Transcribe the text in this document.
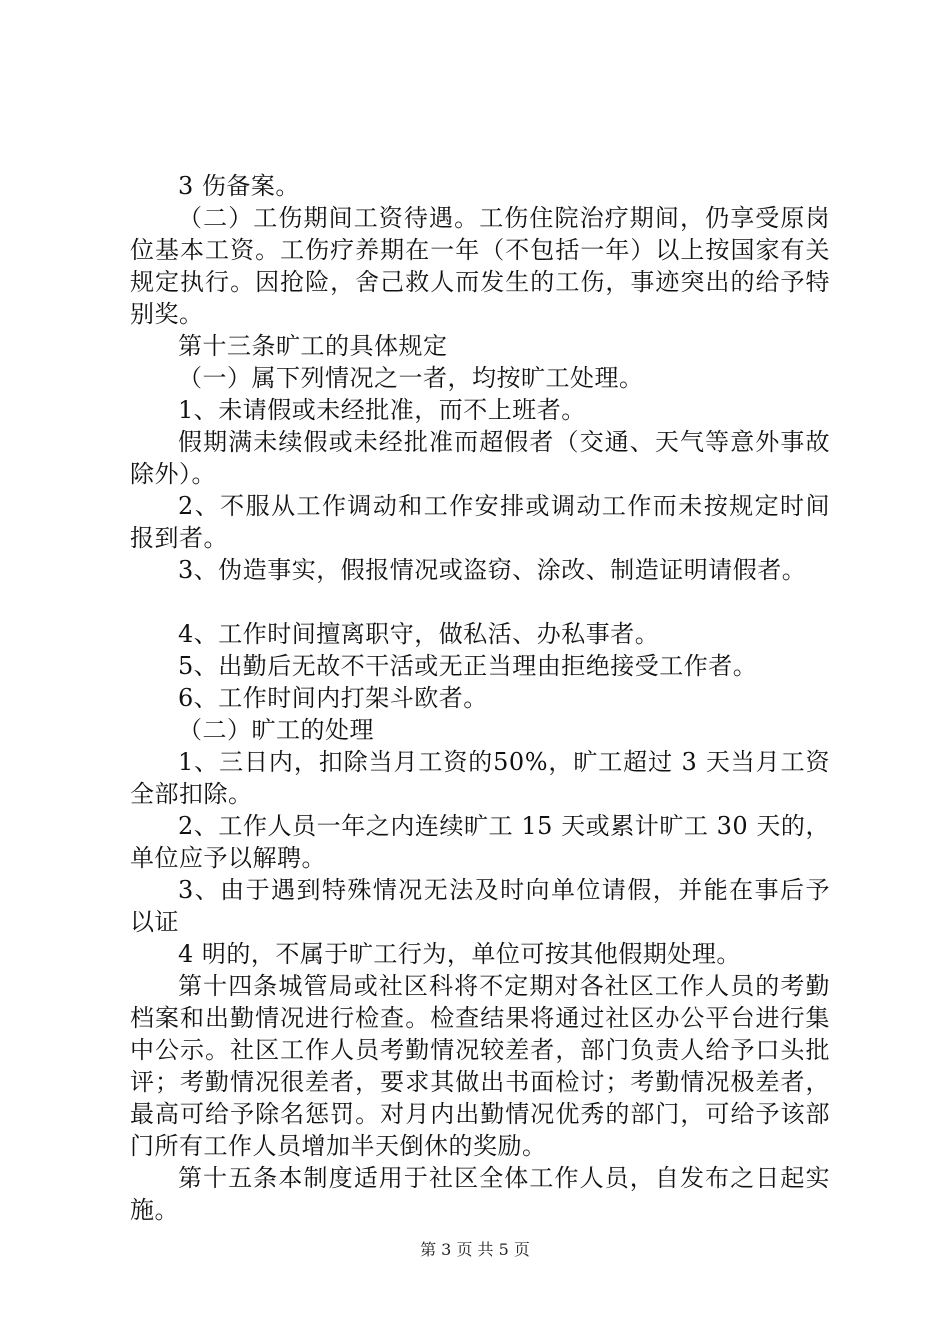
3 伤备案。

（二）工伤期间工资待遇。工伤住院治疗期间，仍享受原岗位基本工资。工伤疗养期在一年（不包括一年）以上按国家有关规定执行。因抢险，舍己救人而发生的工伤，事迹突出的给予特别奖。

第十三条旷工的具体规定

（一）属下列情况之一者，均按旷工处理。

1、未请假或未经批准，而不上班者。

假期满未续假或未经批准而超假者（交通、天气等意外事故除外）。

2、不服从工作调动和工作安排或调动工作而未按规定时间报到者。

3、伪造事实，假报情况或盗窃、涂改、制造证明请假者。

4、工作时间擅离职守，做私活、办私事者。

5、出勤后无故不干活或无正当理由拒绝接受工作者。

6、工作时间内打架斗欧者。

（二）旷工的处理

1、三日内，扣除当月工资的50%，旷工超过 3 天当月工资全部扣除。

2、工作人员一年之内连续旷工 15 天或累计旷工 30 天的，单位应予以解聘。

3、由于遇到特殊情况无法及时向单位请假，并能在事后予以证

4 明的，不属于旷工行为，单位可按其他假期处理。

第十四条城管局或社区科将不定期对各社区工作人员的考勤档案和出勤情况进行检查。检查结果将通过社区办公平台进行集中公示。社区工作人员考勤情况较差者，部门负责人给予口头批评；考勤情况很差者，要求其做出书面检讨；考勤情况极差者，最高可给予除名惩罚。对月内出勤情况优秀的部门，可给予该部门所有工作人员增加半天倒休的奖励。

第十五条本制度适用于社区全体工作人员，自发布之日起实施。

第 3 页 共 5 页
